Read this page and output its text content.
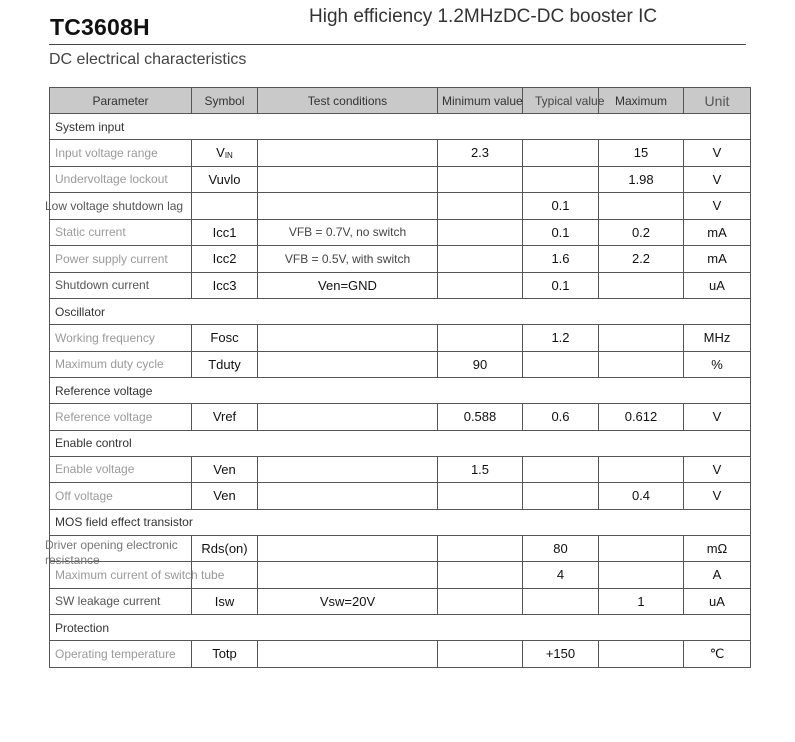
TC3608H	High efficiency 1.2MHzDC-DC booster IC
DC electrical characteristics
Parameter	Symbol	Test conditions	Minimum value	Typical value	Maximum	Unit
System input						
Input voltage range	$V_{IN}$		2.3		15	V
Undervoltage lockout	Vuvlo				1.98	V

Low voltage shutdown lag				0.1		V
Static current	Icc1	VFB = 0.7V, no switch		0.1	0.2	mA
Power supply current	Icc2	VFB = 0.5V, with switch		1.6	2.2	mA
Shutdown current	Icc3	Ven=GND		0.1		uA
Oscillator						
Working frequency	Fosc			1.2		MHz
Maximum duty cycle	Tduty		90			%
Reference voltage						
Reference voltage	Vref		0.588	0.6	0.612	V
Enable control						
Enable voltage	Ven		1.5			V
Off voltage	Ven				0.4	V
MOS field effect transistor						

Driver opening electronic resistance	Rds(on)			80		mΩ
Maximum current of switch tube				4		A
SW leakage current	Isw	Vsw=20V			1	uA
Protection						
Operating temperature	Totp			+150		℃
